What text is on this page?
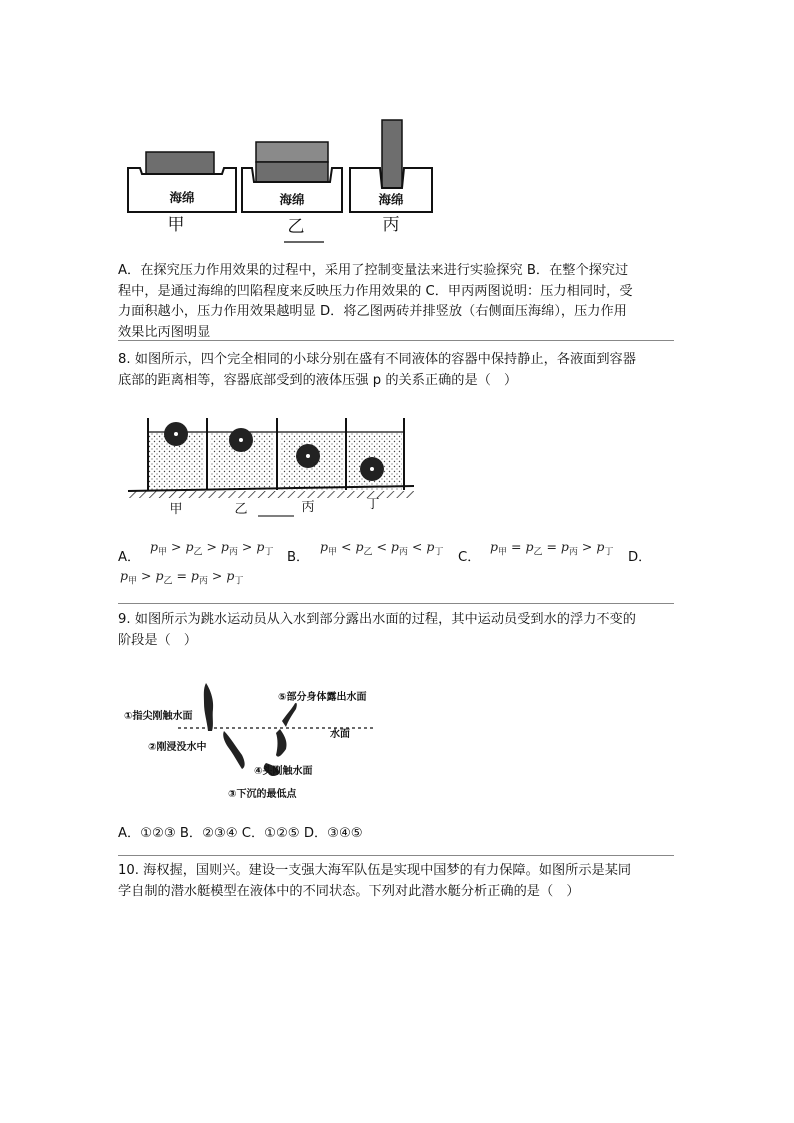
海绵	海绵	海绵
甲	乙	丙
A．在探究压力作用效果的过程中，采用了控制变量法来进行实验探究 B．在整个探究过
程中，是通过海绵的凹陷程度来反映压力作用效果的 C．甲丙两图说明：压力相同时，受
力面积越小，压力作用效果越明显 D．将乙图两砖并排竖放（右侧面压海绵），压力作用
效果比丙图明显
8. 如图所示，四个完全相同的小球分别在盛有不同液体的容器中保持静止，各液面到容器
底部的距离相等，容器底部受到的液体压强 p 的关系正确的是（　）
甲	乙	丙	丁
A．
$p_甲 > p_乙 > p_丙 > p_丁$ B．
$p_甲 < p_乙 < p_丙 < p_丁$ C．
$p_甲 = p_乙 = p_丙 > p_丁$ D．
$p_甲 > p_乙 = p_丙 > p_丁$
9. 如图所示为跳水运动员从入水到部分露出水面的过程，其中运动员受到水的浮力不变的
阶段是（　）
①指尖刚触水面
②刚浸没水中
③下沉的最低点
④头刚触水面
⑤部分身体露出水面
水面
A．①②③ B．②③④ C．①②⑤ D．③④⑤
10. 海权握，国则兴。建设一支强大海军队伍是实现中国梦的有力保障。如图所示是某同
学自制的潜水艇模型在液体中的不同状态。下列对此潜水艇分析正确的是（　）
